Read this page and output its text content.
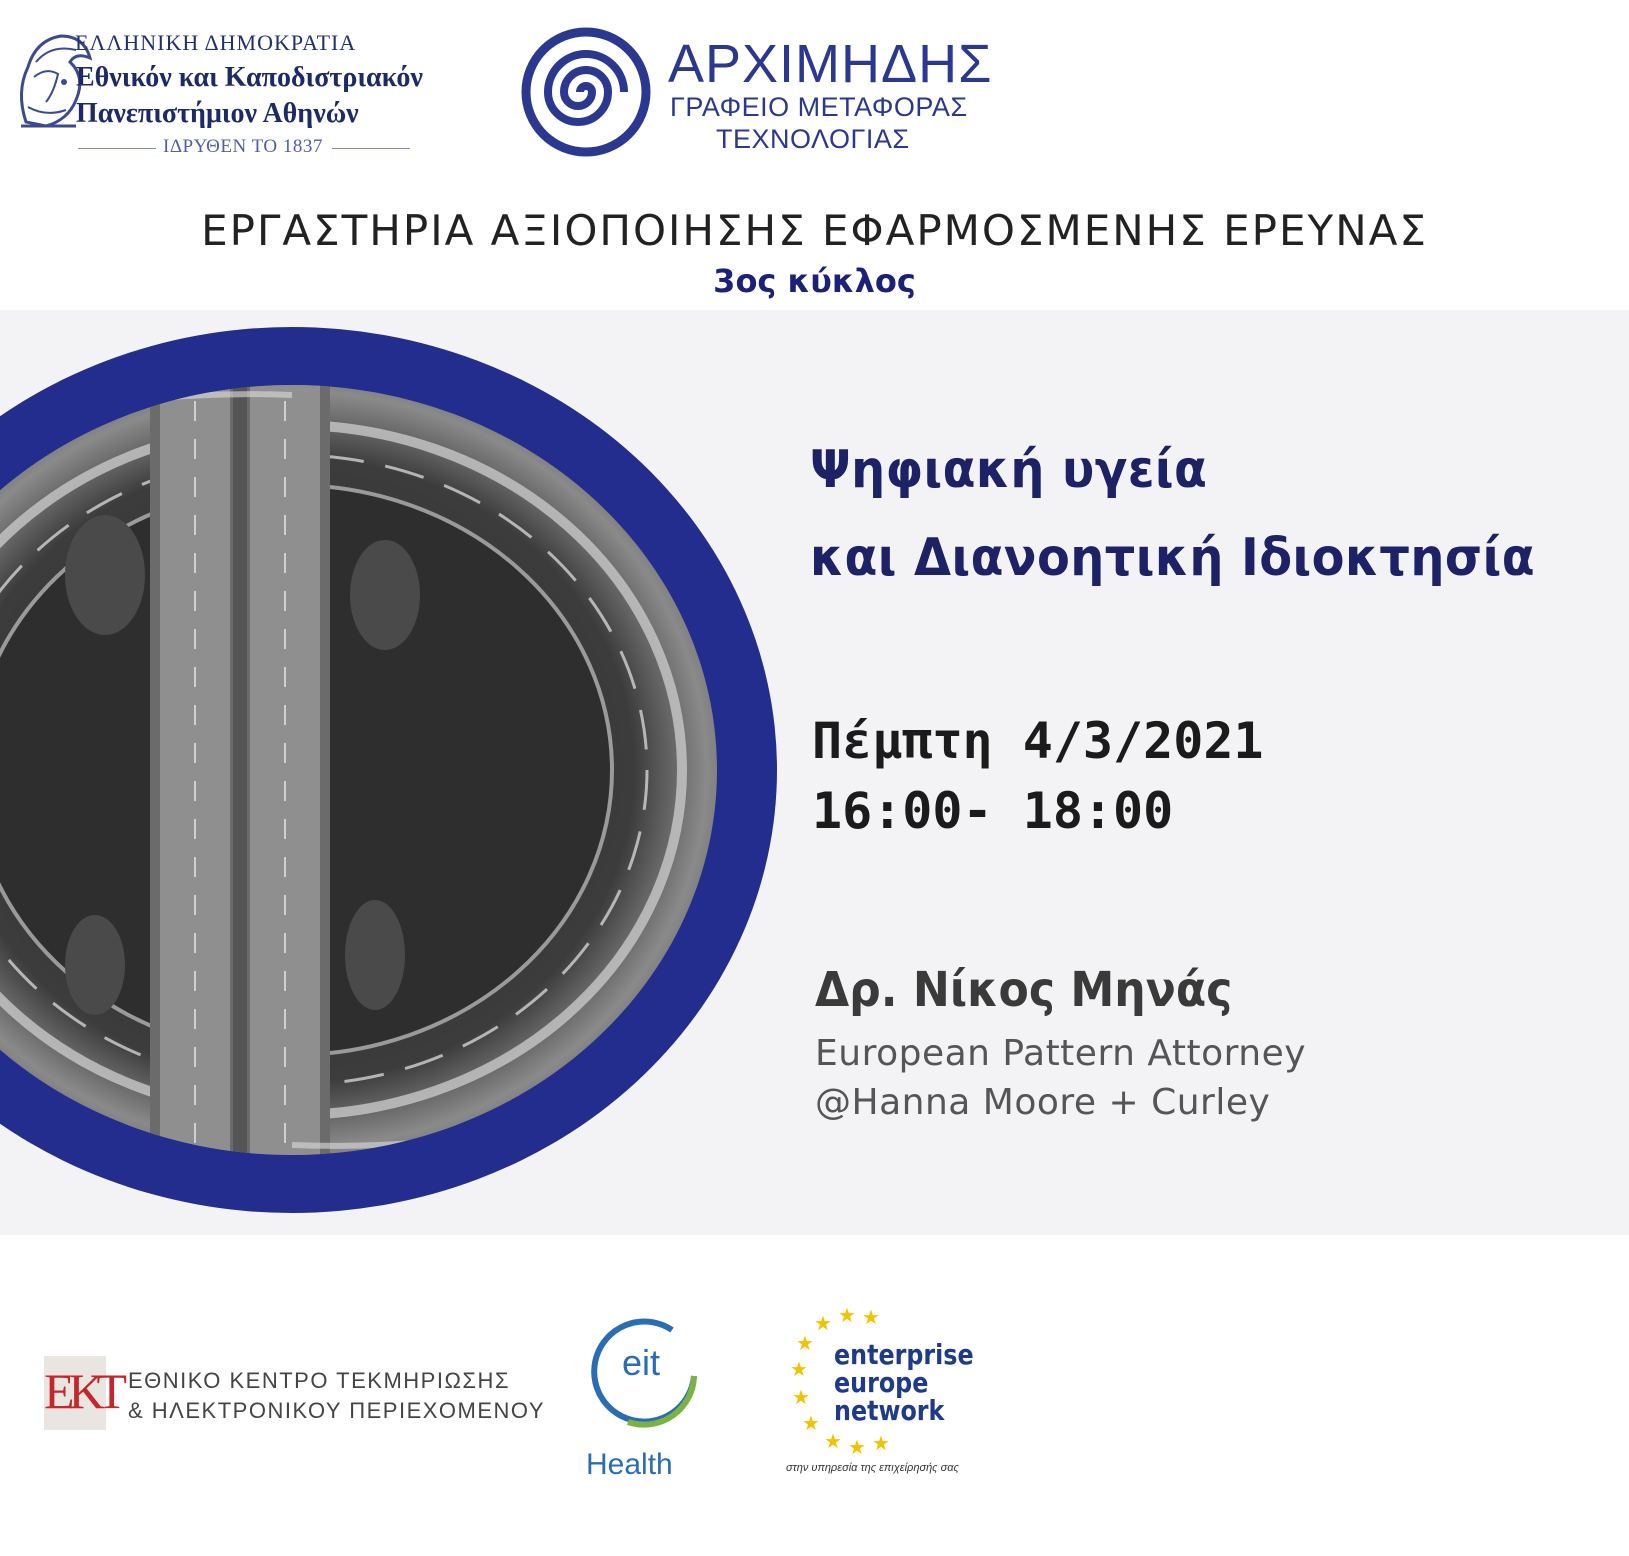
ΕΛΛΗΝΙΚΗ ΔΗΜΟΚΡΑΤΙΑ
Εθνικόν και Καποδιστριακόν
Πανεπιστήμιον Αθηνών
ΙΔΡΥΘΕΝ ΤΟ 1837
ΑΡΧΙΜΗΔΗΣ
ΓΡΑΦΕΙΟ ΜΕΤΑΦΟΡΑΣ
ΤΕΧΝΟΛΟΓΙΑΣ
ΕΡΓΑΣΤΗΡΙΑ ΑΞΙΟΠΟΙΗΣΗΣ ΕΦΑΡΜΟΣΜΕΝΗΣ ΕΡΕΥΝΑΣ
3ος κύκλος
Ψηφιακή υγεία
και Διανοητική Ιδιοκτησία
Πέμπτη 4/3/2021
16:00- 18:00
Δρ. Νίκος Μηνάς
European Pattern Attorney
@Hanna Moore + Curley
ΕΚΤ ΕΘΝΙΚΟ ΚΕΝΤΡΟ ΤΕΚΜΗΡΙΩΣΗΣ
& ΗΛΕΚΤΡΟΝΙΚΟΥ ΠΕΡΙΕΧΟΜΕΝΟΥ
eit
Health
★ ★ ★
★
★
★
★
★ ★ ★
enterprise
europe
network
στην υπηρεσία της επιχείρησής σας
